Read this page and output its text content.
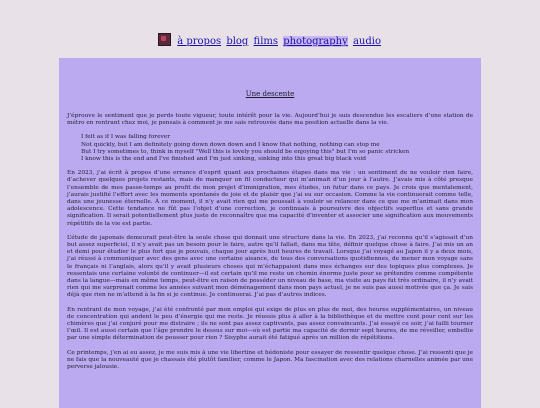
à propos blog films photography audio
Une descente

J’éprouve le sentiment que je perds toute vigueur, toute intérêt pour la vie. Aujourd’hui je suis descendue les escaliers d’une station de métro en rentrant chez moi, je pensais à comment je me sais retrouvée dans ma position actuelle dans la vie.

I felt as if I was falling forever
Not quickly, but I am definitely going down down down and I know that nothing, nothing can stop me
But I try sometimes to, think in myself "Well this is lovely you should be enjoying this" but I'm so panic stricken
I know this is the end and I've finished and I'm just sinking, sinking into this great big black void

En 2023, j’ai écrit à propos d’une errance d’esprit quant aux prochaines étapes dans ma vie : un sentiment de ne vouloir rien faire, d’achever quelques projets restants, mais de manquer un fil conducteur qui m’animait d’un jour à l’autre. J’avais mis à côté presque l’ensemble de mes passe-temps au profit de mon projet d’immigration, mes études, un futur dans ce pays. Je crois que mentalement, j’aurais justifié l’effort avec les moments spontanés de joie et de plaisir que j’ai eu sur occasion. Comme la vie continuerait comme telle, dans une jeunesse éternelle. À ce moment, il n’y avait rien qui me poussait à vouloir se relancer dans ce que me m’animait dans mon adolescence. Cette tendance ne fût pas l’objet d’une correction, je continuais à poursuivre des objectifs superflus et sans grande signification. Il serait potentiellement plus juste de reconnaître que ma capacité d’inventer et associer une signification aux mouvements répétitifs de la vie est partie.

L’étude de japonais demeurait peut-être la seule chose qui donnait une structure dans la vie. En 2023, j’ai reconnu qu’il s’agissait d’un but assez superficiel, il n’y avait pas un besoin pour le faire, autre qu’il fallait, dans ma tête, définir quelque chose à faire. J’ai mis un an et demi pour étudier le plus fort que je pouvais, chaque jour après huit heures de travail. Lorsque j’ai voyagé au Japon il y a deux mois, j’ai réussi à communiquer avec des gens avec une certaine aisance, de tous des conversations quotidiennes, de mener mon voyage sans le français ni l’anglais, alors qu’il y avait plusieurs choses qui m’échappaient dans mes échanges sur des topiques plus complexes. Je ressentais une certaine volonté de continuer—il est certain qu’il me reste un chemin énorme juste pour se prétendre comme compétente dans la langue—mais en même temps, peut-être en raison de posséder un niveau de base, ma visite au pays fut très ordinaire, il n’y avait rien qui me surprenait comme les années suivant mon déménagement dans mon pays actuel, je ne suis pas aussi motivée que ça. Je sais déjà que rien ne m’attend à la fin si je continue. Je continuerai. J’ai pas d’autres indices.

En rentrant de mon voyage, j’ai été confronté par mon emploi qui exige de plus en plus de moi, des heures supplémentaires, un niveau de concentration qui andent le peu d’énergie qui me reste. Je réussis plus à aller à la bibliothèque et de mettre cent pour cent sur les chimères que j’ai conjuré pour me distraire ; ils ne sont pas assez captivants, pas assez convaincants. J’ai essayé ce soir, j’ai failli tourner l’œil. Il est aussi certain que l’âge prendre le dessus sur moi—où est partie ma capacité de dormir sept heures, de me réveiller, embellie par une simple détermination de pousser pour rien ? Sisyphe aurait été fatigué après un million de répétitions.

Ce printemps, j’en ai eu assez, je me suis mis à une vie libertine et hédoniste pour essayer de ressentir quelque chose. J’ai ressenti que je ne fais que la nouveauté que je chassais été plutôt familier, comme le Japon. Ma fascination avec des relations charnelles animée par une perverse jalousie.
